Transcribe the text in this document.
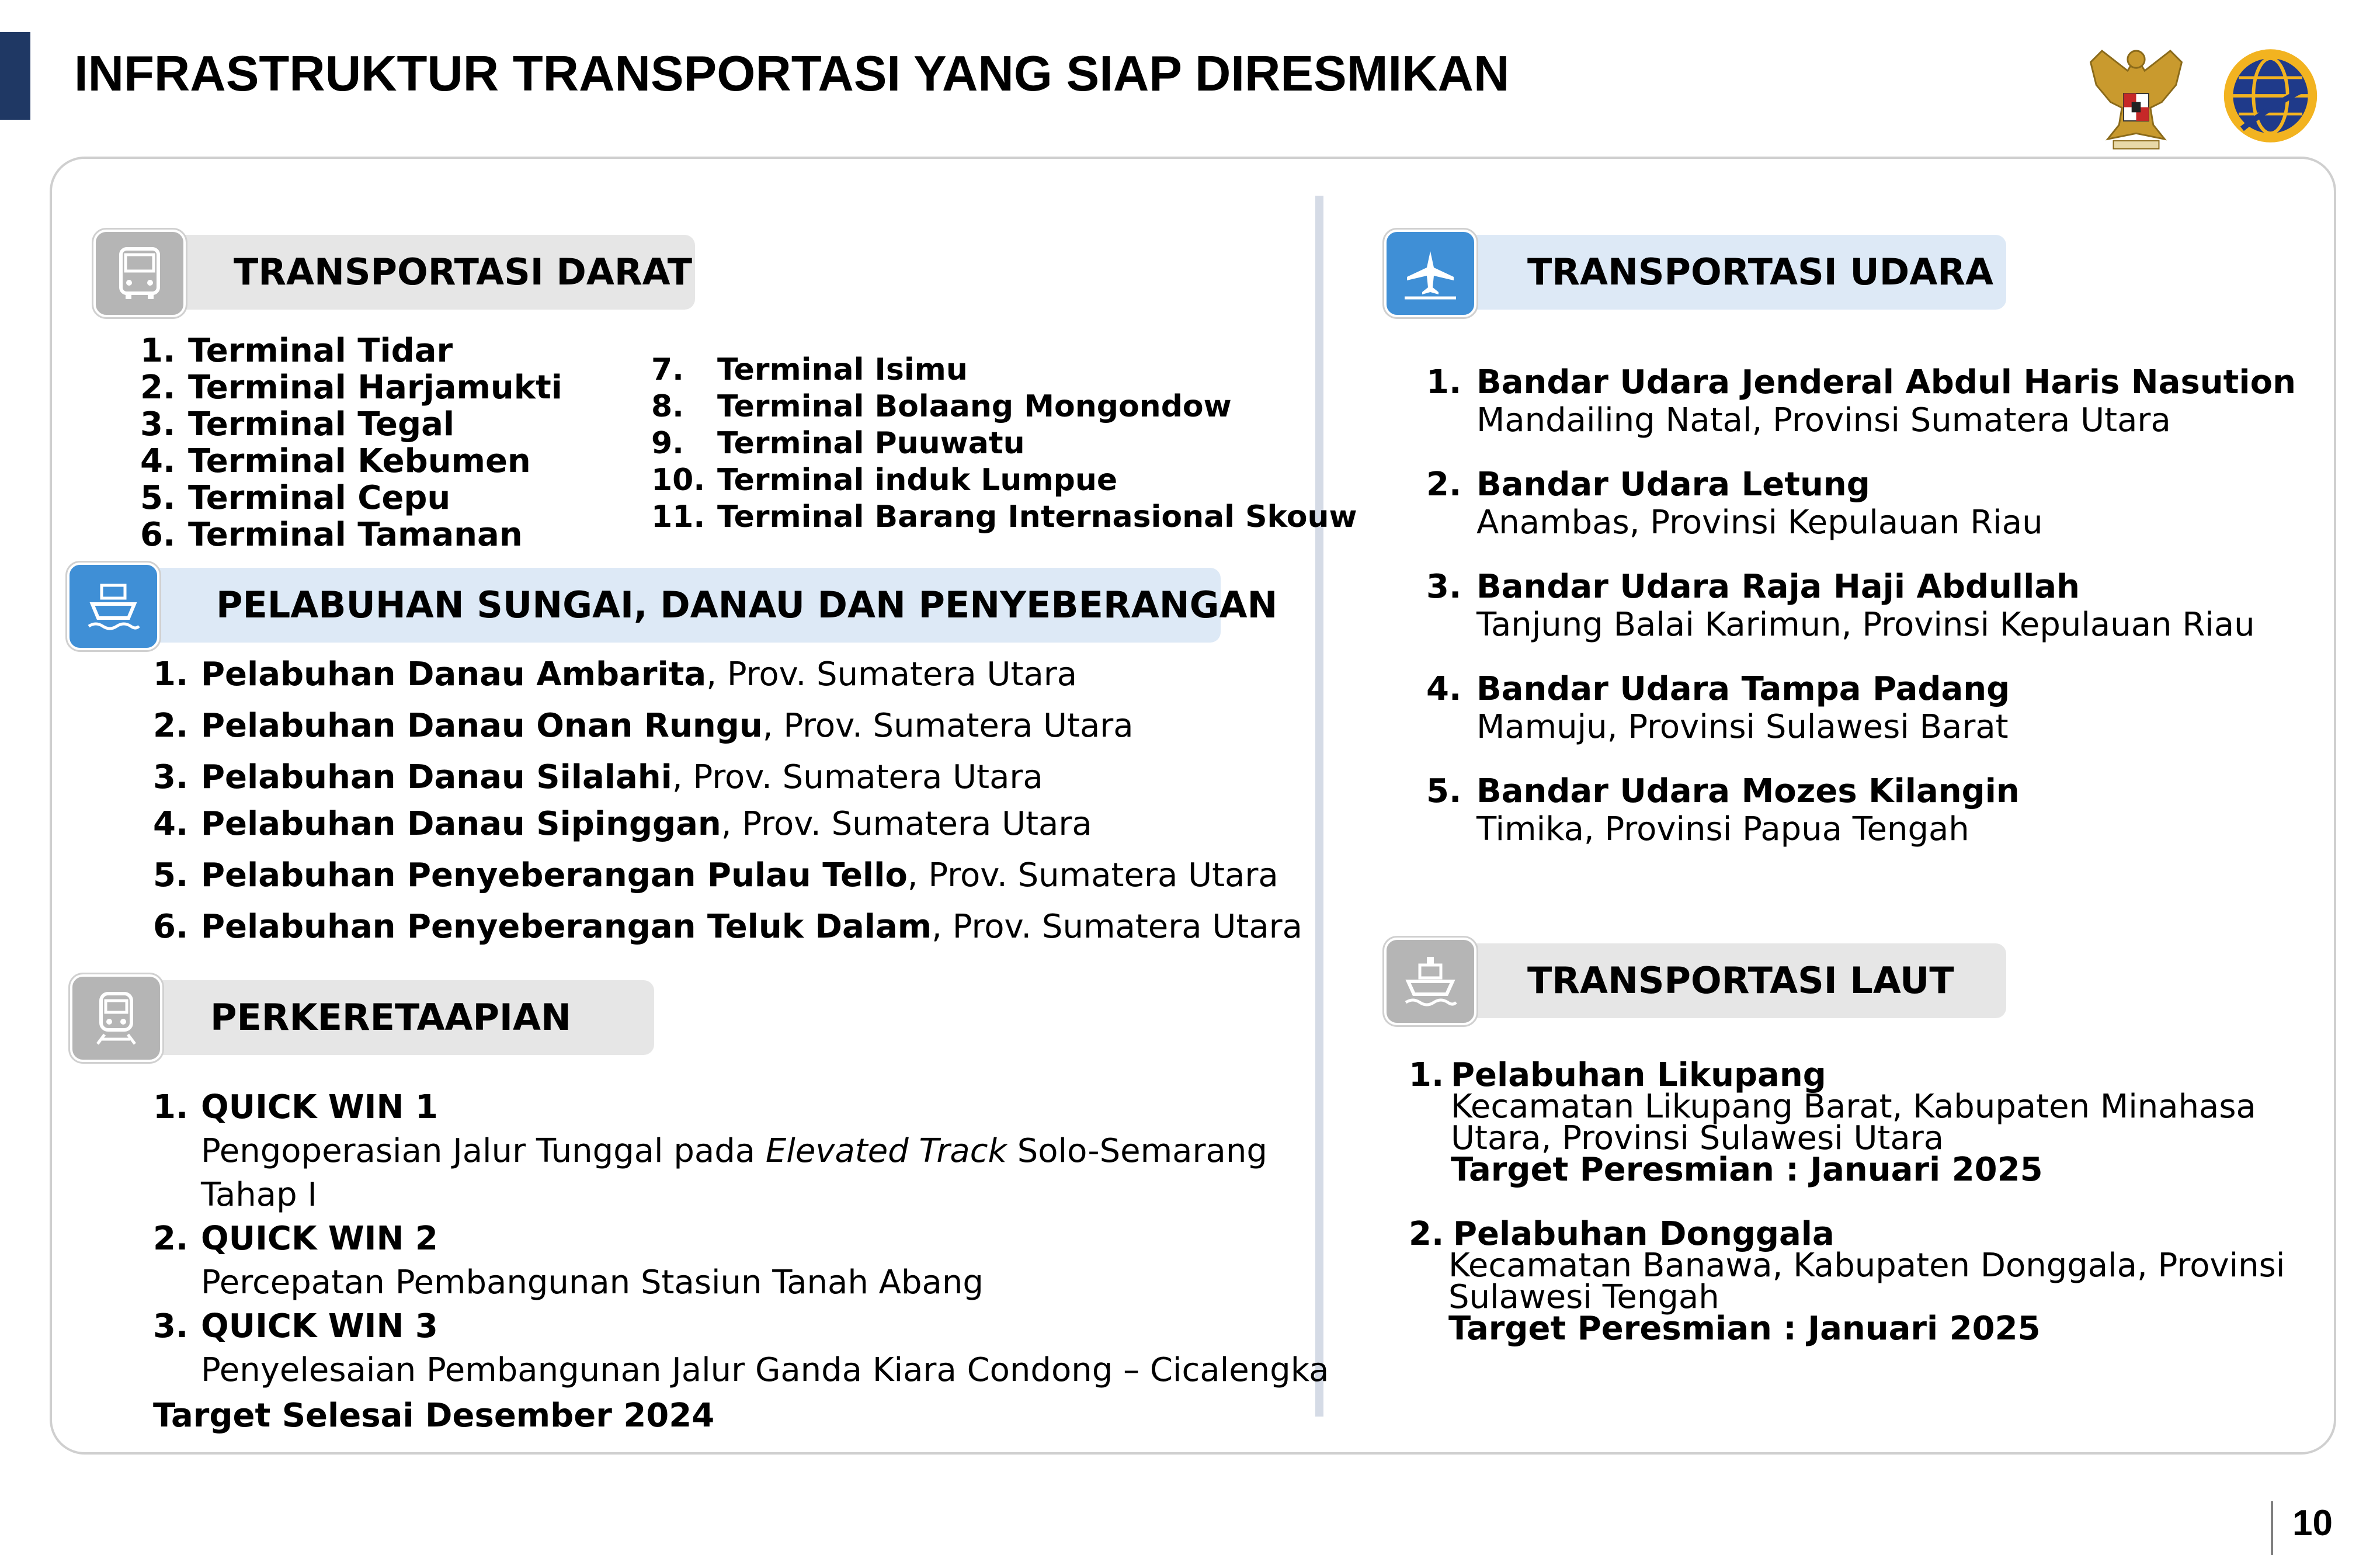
INFRASTRUKTUR TRANSPORTASI YANG SIAP DIRESMIKAN
TRANSPORTASI DARAT
1. Terminal Tidar
2. Terminal Harjamukti
3. Terminal Tegal
4. Terminal Kebumen
5. Terminal Cepu
6. Terminal Tamanan
7. Terminal Isimu
8. Terminal Bolaang Mongondow
9. Terminal Puuwatu
10. Terminal induk Lumpue
11. Terminal Barang Internasional Skouw
PELABUHAN SUNGAI, DANAU DAN PENYEBERANGAN
1. Pelabuhan Danau Ambarita, Prov. Sumatera Utara
2. Pelabuhan Danau Onan Rungu, Prov. Sumatera Utara
3. Pelabuhan Danau Silalahi, Prov. Sumatera Utara
4. Pelabuhan Danau Sipinggan, Prov. Sumatera Utara
5. Pelabuhan Penyeberangan Pulau Tello, Prov. Sumatera Utara
6. Pelabuhan Penyeberangan Teluk Dalam, Prov. Sumatera Utara
PERKERETAAPIAN
1. QUICK WIN 1
Pengoperasian Jalur Tunggal pada Elevated Track Solo-Semarang
Tahap I
2. QUICK WIN 2
Percepatan Pembangunan Stasiun Tanah Abang
3. QUICK WIN 3
Penyelesaian Pembangunan Jalur Ganda Kiara Condong – Cicalengka
Target Selesai Desember 2024
TRANSPORTASI UDARA
1. Bandar Udara Jenderal Abdul Haris Nasution
Mandailing Natal, Provinsi Sumatera Utara
2. Bandar Udara Letung
Anambas, Provinsi Kepulauan Riau
3. Bandar Udara Raja Haji Abdullah
Tanjung Balai Karimun, Provinsi Kepulauan Riau
4. Bandar Udara Tampa Padang
Mamuju, Provinsi Sulawesi Barat
5. Bandar Udara Mozes Kilangin
Timika, Provinsi Papua Tengah
TRANSPORTASI LAUT
1. Pelabuhan Likupang
Kecamatan Likupang Barat, Kabupaten Minahasa
Utara, Provinsi Sulawesi Utara
Target Peresmian : Januari 2025
2. Pelabuhan Donggala
Kecamatan Banawa, Kabupaten Donggala, Provinsi
Sulawesi Tengah
Target Peresmian : Januari 2025
10
